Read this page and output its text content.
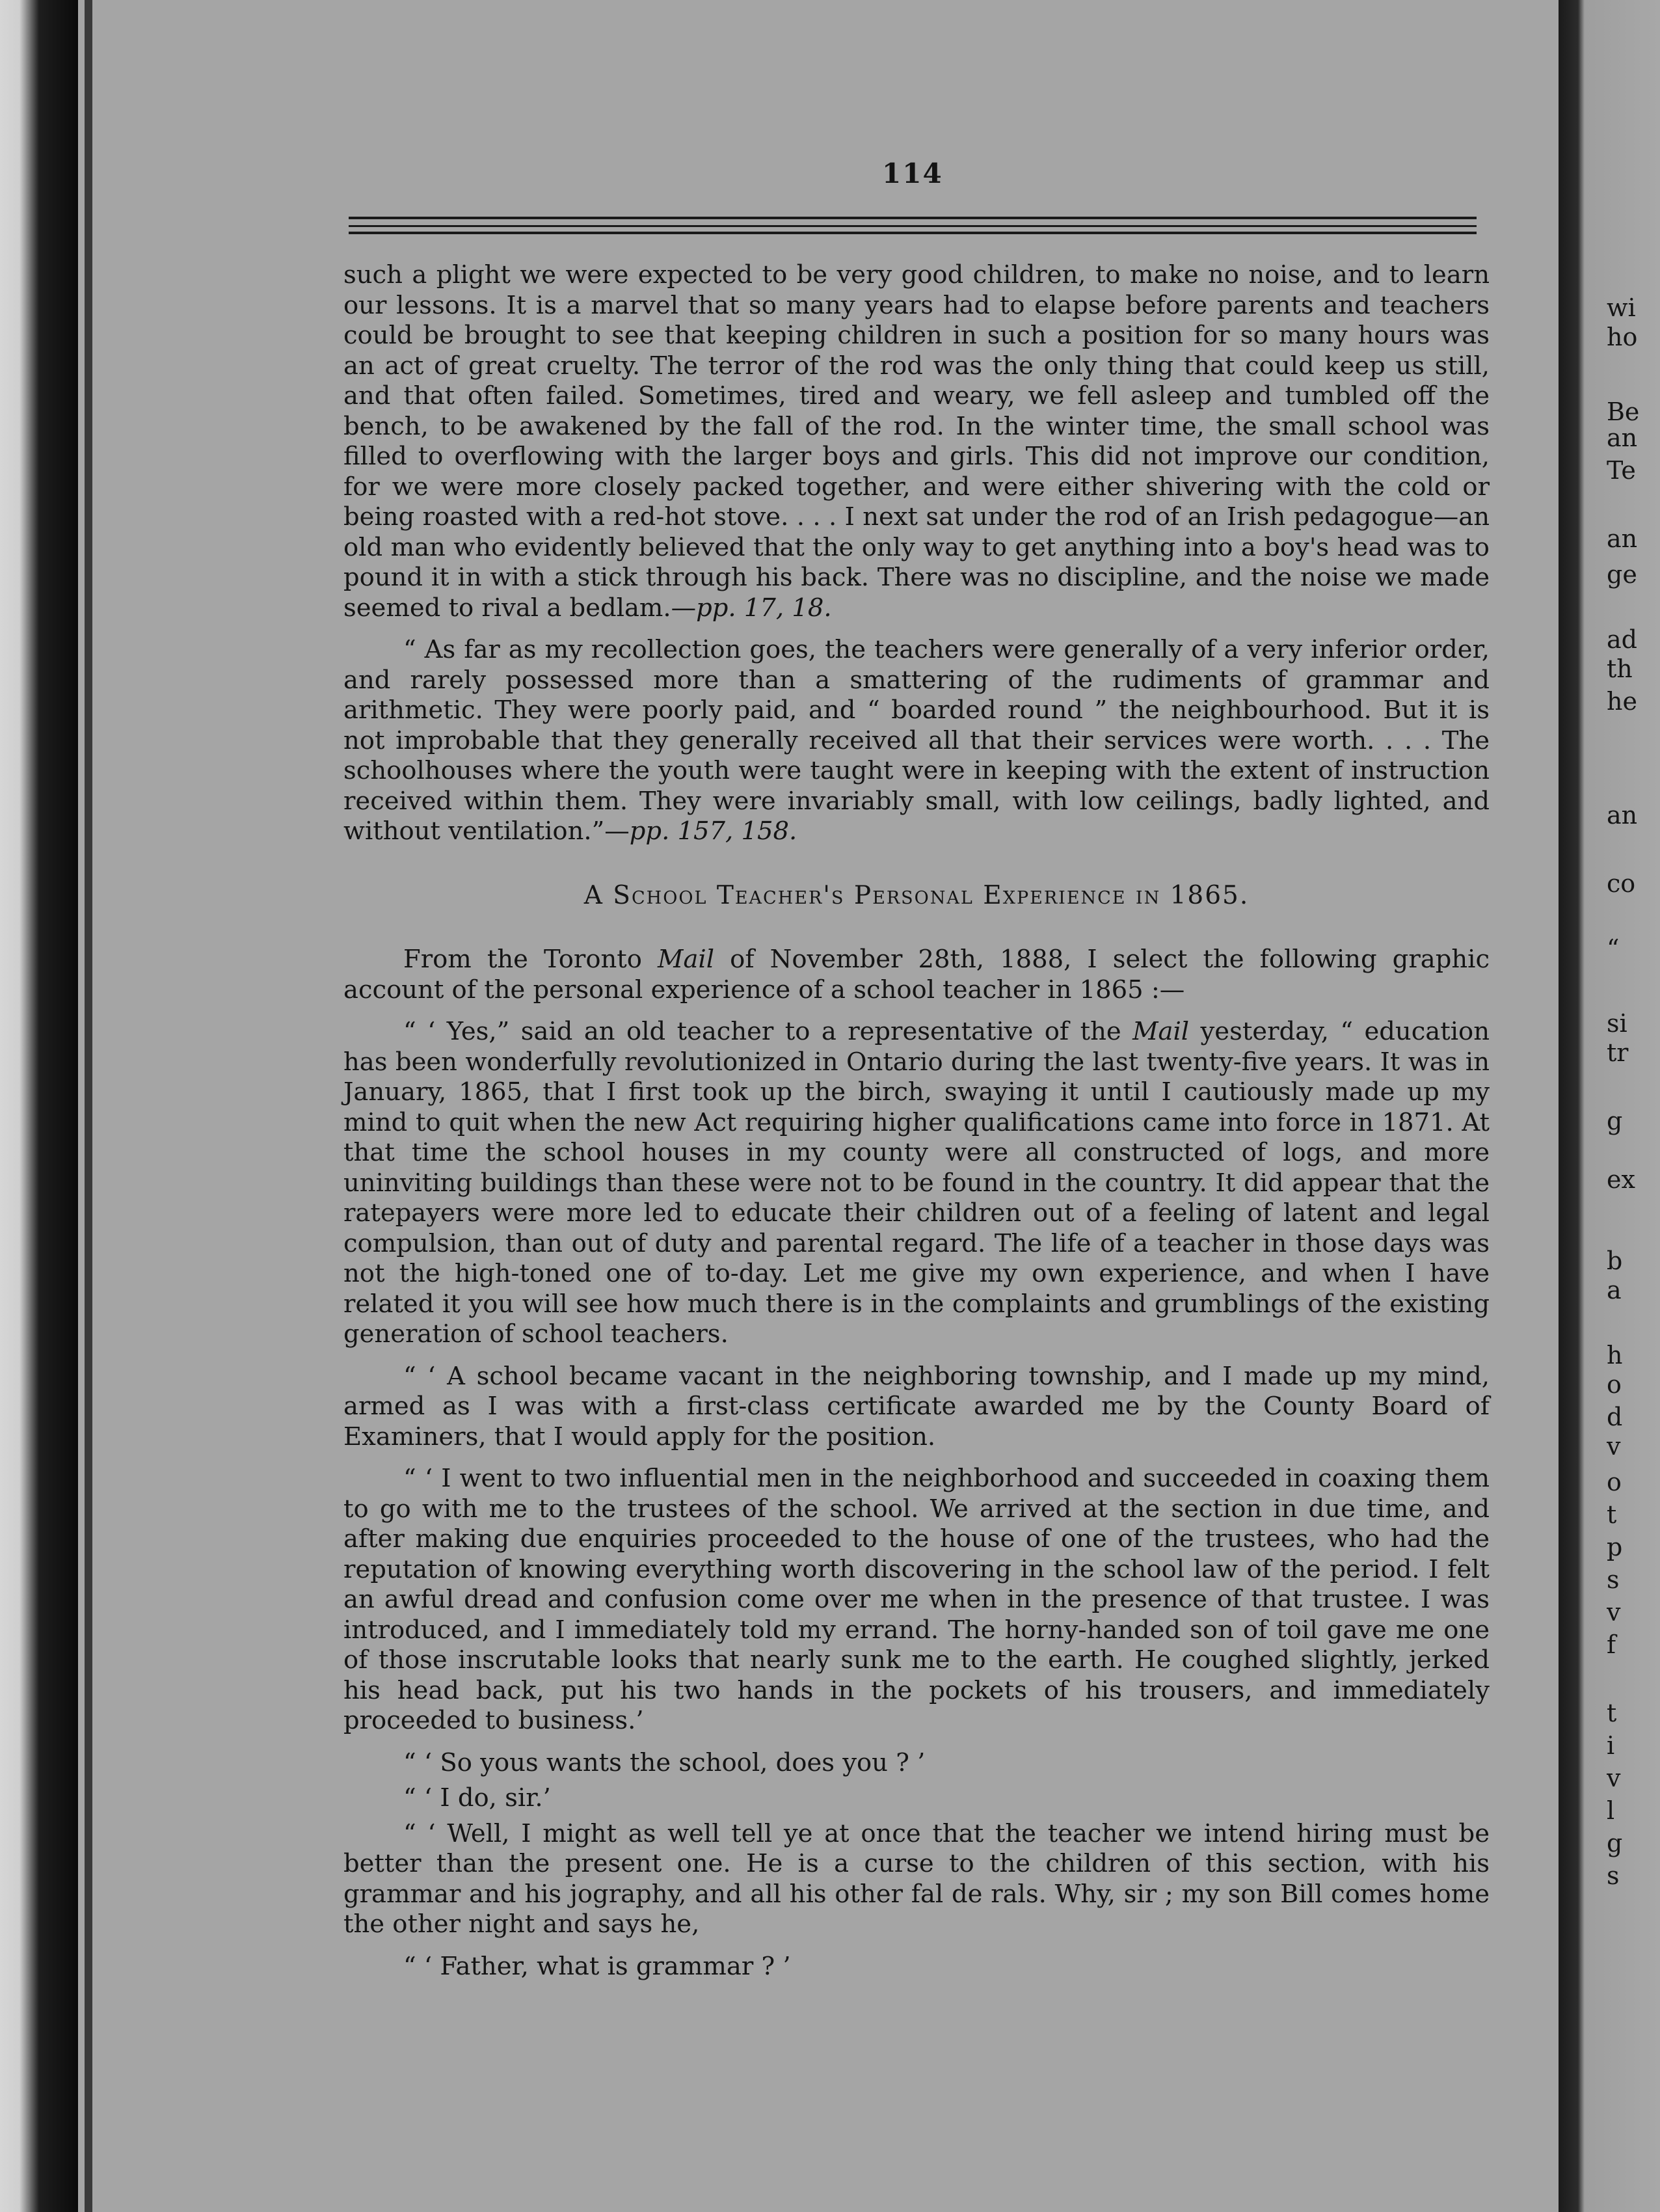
114

such a plight we were expected to be very good children, to make no noise, and to learn our lessons. It is a marvel that so many years had to elapse before parents and teachers could be brought to see that keeping children in such a position for so many hours was an act of great cruelty. The terror of the rod was the only thing that could keep us still, and that often failed. Sometimes, tired and weary, we fell asleep and tumbled off the bench, to be awakened by the fall of the rod. In the winter time, the small school was filled to overflowing with the larger boys and girls. This did not improve our condition, for we were more closely packed together, and were either shivering with the cold or being roasted with a red-hot stove. . . . I next sat under the rod of an Irish pedagogue—an old man who evidently believed that the only way to get anything into a boy's head was to pound it in with a stick through his back. There was no discipline, and the noise we made seemed to rival a bedlam.—pp. 17, 18.

“ As far as my recollection goes, the teachers were generally of a very inferior order, and rarely possessed more than a smattering of the rudiments of grammar and arithmetic. They were poorly paid, and “ boarded round ” the neighbourhood. But it is not improbable that they generally received all that their services were worth. . . . The schoolhouses where the youth were taught were in keeping with the extent of instruction received within them. They were invariably small, with low ceilings, badly lighted, and without ventilation.”—pp. 157, 158.

A School Teacher's Personal Experience in 1865.

From the Toronto Mail of November 28th, 1888, I select the following graphic account of the personal experience of a school teacher in 1865 :—

“ ‘ Yes,” said an old teacher to a representative of the Mail yesterday, “ education has been wonderfully revolutionized in Ontario during the last twenty-five years. It was in January, 1865, that I first took up the birch, swaying it until I cautiously made up my mind to quit when the new Act requiring higher qualifications came into force in 1871. At that time the school houses in my county were all constructed of logs, and more uninviting buildings than these were not to be found in the country. It did appear that the ratepayers were more led to educate their children out of a feeling of latent and legal compulsion, than out of duty and parental regard. The life of a teacher in those days was not the high-toned one of to-day. Let me give my own experience, and when I have related it you will see how much there is in the complaints and grumblings of the existing generation of school teachers.

“ ‘ A school became vacant in the neighboring township, and I made up my mind, armed as I was with a first-class certificate awarded me by the County Board of Examiners, that I would apply for the position.

“ ‘ I went to two influential men in the neighborhood and succeeded in coaxing them to go with me to the trustees of the school. We arrived at the section in due time, and after making due enquiries proceeded to the house of one of the trustees, who had the reputation of knowing everything worth discovering in the school law of the period. I felt an awful dread and confusion come over me when in the presence of that trustee. I was introduced, and I immediately told my errand. The horny-handed son of toil gave me one of those inscrutable looks that nearly sunk me to the earth. He coughed slightly, jerked his head back, put his two hands in the pockets of his trousers, and immediately proceeded to business.’

“ ‘ So yous wants the school, does you ? ’

“ ‘ I do, sir.’

“ ‘ Well, I might as well tell ye at once that the teacher we intend hiring must be better than the present one. He is a curse to the children of this section, with his grammar and his jography, and all his other fal de rals. Why, sir ; my son Bill comes home the other night and says he,

“ ‘ Father, what is grammar ? ’

wi
ho
Be
an
Te
an
ge
ad
th
he
an
co
“
si
tr
g
ex
b
a
h
o
d
v
o
t
p
s
v
f
t
i
v
l
g
s
